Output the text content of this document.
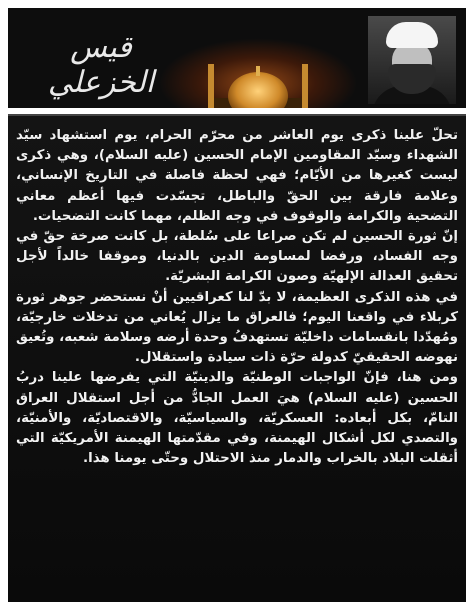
قيس الخزعلي

تحلّ علينا ذكرى يوم العاشر من محرّم الحرام، يوم استشهاد سيّد الشهداء وسيّد المقاومين الإمام الحسين (عليه السلام)، وهي ذكرى ليست كغيرها من الأيّام؛ فهي لحظة فاصلة في التاريخ الإنساني، وعلامة فارقة بين الحقّ والباطل، تجسّدت فيها أعظم معاني التضحية والكرامة والوقوف في وجه الظلم، مهما كانت التضحيات.

إنّ ثورة الحسين لم تكن صراعا على سُلطة، بل كانت صرخة حقّ في وجه الفساد، ورفضا لمساومة الدين بالدنيا، وموقفا خالداً لأجل تحقيق العدالة الإلهيّة وصون الكرامة البشريّة.

في هذه الذكرى العظيمة، لا بدّ لنا كعراقيين أنْ نستحضر جوهر ثورة كربلاء في واقعنا اليوم؛ فالعراق ما يزال يُعاني من تدخلات خارجيّة، ومُهدّدا بانقسامات داخليّة تستهدفُ وحدة أرضه وسلامة شعبه، وتُعيق نهوضه الحقيقيّ كدولة حرّة ذات سيادة واستقلال.

ومن هنا، فإنّ الواجبات الوطنيّة والدينيّة التي يفرضها علينا دربُ الحسين (عليه السلام) هيَ العمل الجادُّ من أجل استقلال العراق التامّ، بكل أبعاده: العسكريّة، والسياسيّة، والاقتصاديّة، والأمنيّة، والتصدي لكل أشكال الهيمنة، وفي مقدّمتها الهيمنة الأمريكيّة التي أثقلت البلاد بالخراب والدمار منذ الاحتلال وحتّى يومنا هذا.
